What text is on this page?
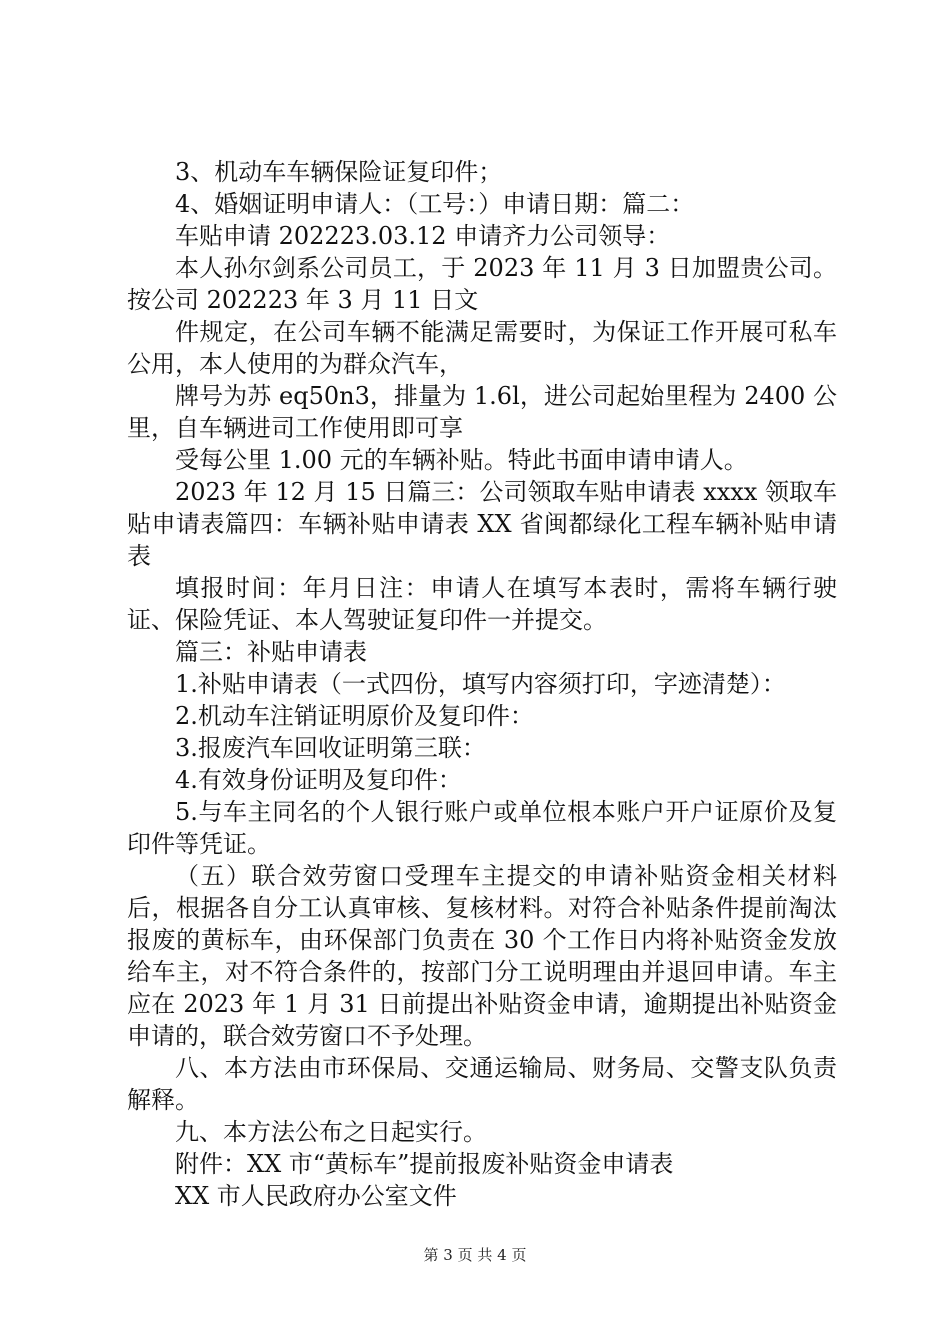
3、机动车车辆保险证复印件；

4、婚姻证明申请人：（工号：）申请日期：篇二：

车贴申请 202223.03.12 申请齐力公司领导：

本人孙尔剑系公司员工，于 2023 年 11 月 3 日加盟贵公司。按公司 202223 年 3 月 11 日文

件规定，在公司车辆不能满足需要时，为保证工作开展可私车公用，本人使用的为群众汽车，

牌号为苏 eq50n3，排量为 1.6l，进公司起始里程为 2400 公里，自车辆进司工作使用即可享

受每公里 1.00 元的车辆补贴。特此书面申请申请人。

2023 年 12 月 15 日篇三：公司领取车贴申请表 xxxx 领取车贴申请表篇四：车辆补贴申请表 XX 省闽都绿化工程车辆补贴申请表

填报时间：年月日注：申请人在填写本表时，需将车辆行驶证、保险凭证、本人驾驶证复印件一并提交。

篇三：补贴申请表

1.补贴申请表（一式四份，填写内容须打印，字迹清楚）：

2.机动车注销证明原价及复印件：

3.报废汽车回收证明第三联：

4.有效身份证明及复印件：

5.与车主同名的个人银行账户或单位根本账户开户证原价及复印件等凭证。

（五）联合效劳窗口受理车主提交的申请补贴资金相关材料后，根据各自分工认真审核、复核材料。对符合补贴条件提前淘汰报废的黄标车，由环保部门负责在 30 个工作日内将补贴资金发放给车主，对不符合条件的，按部门分工说明理由并退回申请。车主应在 2023 年 1 月 31 日前提出补贴资金申请，逾期提出补贴资金申请的，联合效劳窗口不予处理。

八、本方法由市环保局、交通运输局、财务局、交警支队负责解释。

九、本方法公布之日起实行。

附件：XX 市“黄标车”提前报废补贴资金申请表

XX 市人民政府办公室文件

第 3 页 共 4 页
